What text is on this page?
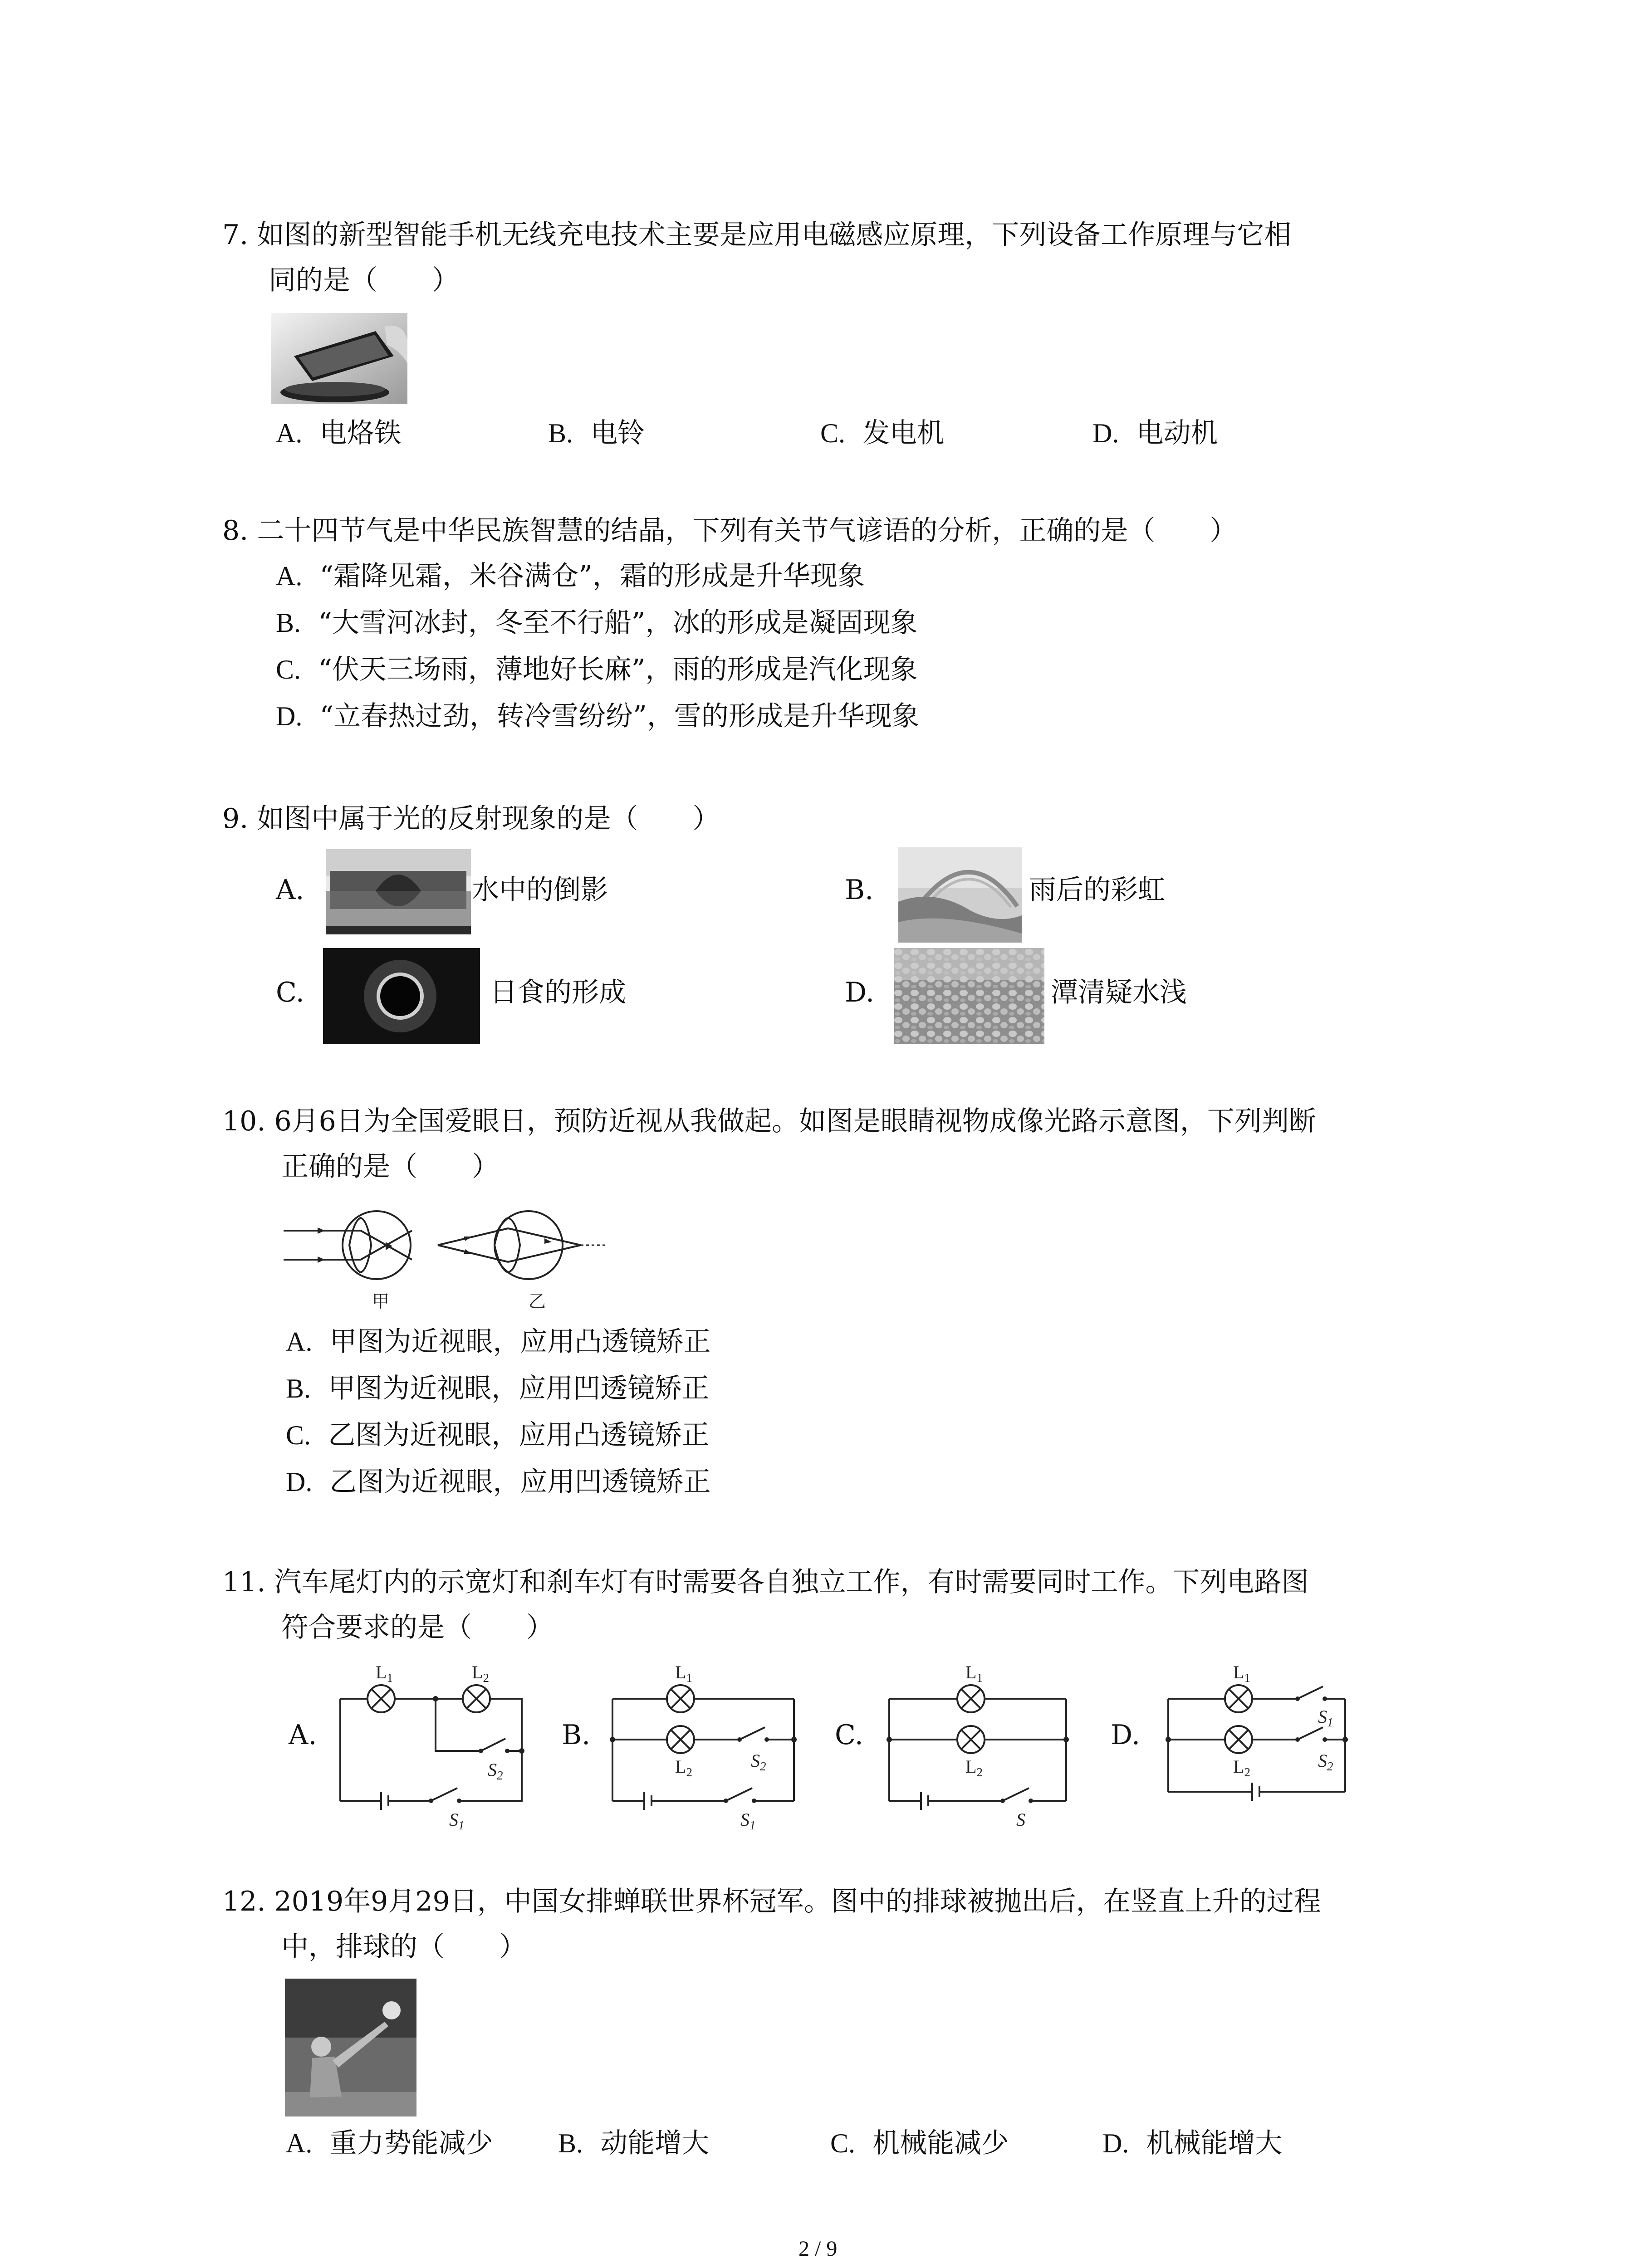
7. 如图的新型智能手机无线充电技术主要是应用电磁感应原理，下列设备工作原理与它相
同的是（　　）
A. 电烙铁	B. 电铃	C. 发电机	D. 电动机
8. 二十四节气是中华民族智慧的结晶，下列有关节气谚语的分析，正确的是（　　）
A. “霜降见霜，米谷满仓”，霜的形成是升华现象
B. “大雪河冰封，冬至不行船”，冰的形成是凝固现象
C. “伏天三场雨，薄地好长麻”，雨的形成是汽化现象
D. “立春热过劲，转冷雪纷纷”，雪的形成是升华现象
9. 如图中属于光的反射现象的是（　　）
A.	水中的倒影	B.	雨后的彩虹
C.	日食的形成	D.	潭清疑水浅
10. 6月6日为全国爱眼日，预防近视从我做起。如图是眼睛视物成像光路示意图，下列判断
正确的是（　　）
甲	乙
A. 甲图为近视眼，应用凸透镜矫正
B. 甲图为近视眼，应用凹透镜矫正
C. 乙图为近视眼，应用凸透镜矫正
D. 乙图为近视眼，应用凹透镜矫正
11. 汽车尾灯内的示宽灯和刹车灯有时需要各自独立工作，有时需要同时工作。下列电路图
符合要求的是（　　）
A.
$L_1$	$L_2$
$S_2$
$S_1$
B.
$L_1$
$L_2$
$S_2$
$S_1$
C.
$L_1$
$L_2$
S
D.
$L_1$
$L_2$
$S_1$
$S_2$
12. 2019年9月29日，中国女排蝉联世界杯冠军。图中的排球被抛出后，在竖直上升的过程
中，排球的（　　）
A. 重力势能减少 B. 动能增大	C. 机械能减少	D. 机械能增大
2 / 9
